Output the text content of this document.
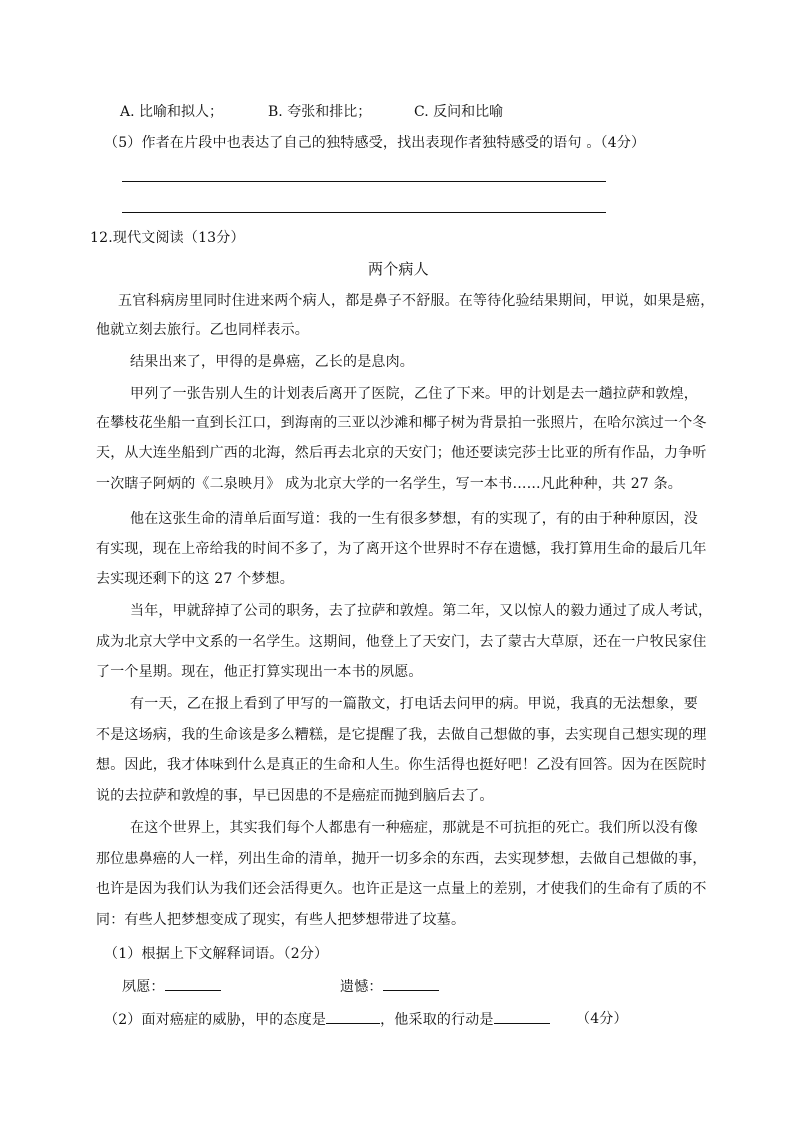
A. 比喻和拟人；	B. 夸张和排比；	C. 反问和比喻
（5）作者在片段中也表达了自己的独特感受，找出表现作者独特感受的语句 。（4分）
12.现代文阅读（13分）
两个病人
五官科病房里同时住进来两个病人，都是鼻子不舒服。在等待化验结果期间，甲说，如果是癌，
他就立刻去旅行。乙也同样表示。
结果出来了，甲得的是鼻癌，乙长的是息肉。
甲列了一张告别人生的计划表后离开了医院，乙住了下来。甲的计划是去一趟拉萨和敦煌，
在攀枝花坐船一直到长江口，到海南的三亚以沙滩和椰子树为背景拍一张照片，在哈尔滨过一个冬
天，从大连坐船到广西的北海，然后再去北京的天安门；他还要读完莎士比亚的所有作品，力争听
一次瞎子阿炳的《二泉映月》 成为北京大学的一名学生，写一本书……凡此种种，共 27 条。
他在这张生命的清单后面写道：我的一生有很多梦想，有的实现了，有的由于种种原因，没
有实现，现在上帝给我的时间不多了，为了离开这个世界时不存在遗憾，我打算用生命的最后几年
去实现还剩下的这 27 个梦想。
当年，甲就辞掉了公司的职务，去了拉萨和敦煌。第二年，又以惊人的毅力通过了成人考试，
成为北京大学中文系的一名学生。这期间，他登上了天安门，去了蒙古大草原，还在一户牧民家住
了一个星期。现在，他正打算实现出一本书的夙愿。
有一天，乙在报上看到了甲写的一篇散文，打电话去问甲的病。甲说，我真的无法想象，要
不是这场病，我的生命该是多么糟糕，是它提醒了我，去做自己想做的事，去实现自己想实现的理
想。因此，我才体味到什么是真正的生命和人生。你生活得也挺好吧！乙没有回答。因为在医院时
说的去拉萨和敦煌的事，早已因患的不是癌症而抛到脑后去了。
在这个世界上，其实我们每个人都患有一种癌症，那就是不可抗拒的死亡。我们所以没有像
那位患鼻癌的人一样，列出生命的清单，抛开一切多余的东西，去实现梦想，去做自己想做的事，
也许是因为我们认为我们还会活得更久。也许正是这一点量上的差别，才使我们的生命有了质的不
同：有些人把梦想变成了现实，有些人把梦想带进了坟墓。
（1）根据上下文解释词语。（2分）
夙愿：	遗憾：
（2）面对癌症的威胁，甲的态度是	，他采取的行动是	（4分）
